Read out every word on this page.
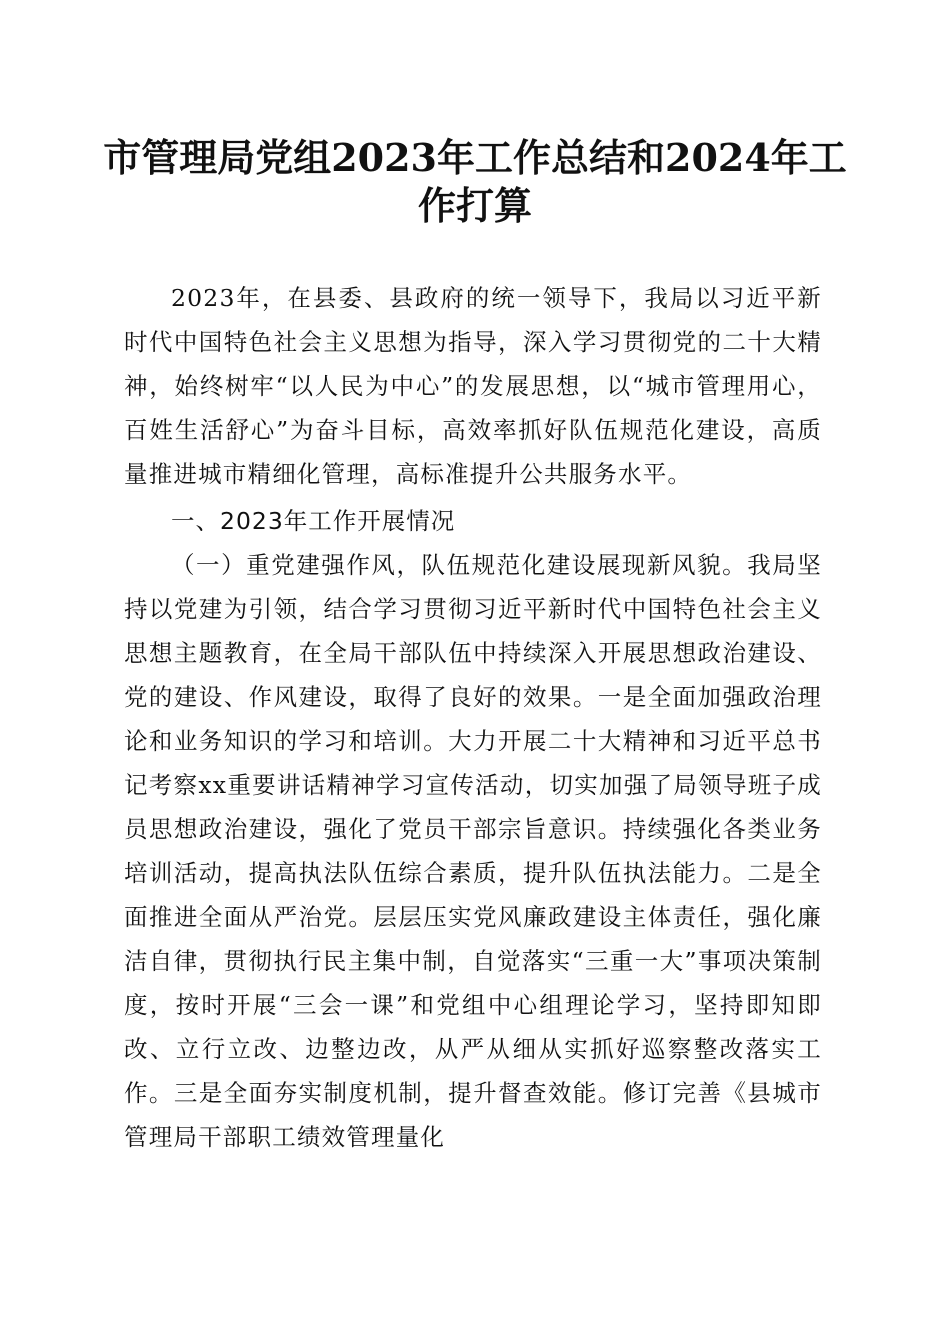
市管理局党组2023年工作总结和2024年工作打算

2023年，在县委、县政府的统一领导下，我局以习近平新时代中国特色社会主义思想为指导，深入学习贯彻党的二十大精神，始终树牢“以人民为中心”的发展思想，以“城市管理用心，百姓生活舒心”为奋斗目标，高效率抓好队伍规范化建设，高质量推进城市精细化管理，高标准提升公共服务水平。

一、2023年工作开展情况

（一）重党建强作风，队伍规范化建设展现新风貌。我局坚持以党建为引领，结合学习贯彻习近平新时代中国特色社会主义思想主题教育，在全局干部队伍中持续深入开展思想政治建设、党的建设、作风建设，取得了良好的效果。一是全面加强政治理论和业务知识的学习和培训。大力开展二十大精神和习近平总书记考察xx重要讲话精神学习宣传活动，切实加强了局领导班子成员思想政治建设，强化了党员干部宗旨意识。持续强化各类业务培训活动，提高执法队伍综合素质，提升队伍执法能力。二是全面推进全面从严治党。层层压实党风廉政建设主体责任，强化廉洁自律，贯彻执行民主集中制，自觉落实“三重一大”事项决策制度，按时开展“三会一课”和党组中心组理论学习，坚持即知即改、立行立改、边整边改，从严从细从实抓好巡察整改落实工作。三是全面夯实制度机制，提升督查效能。修订完善《县城市管理局干部职工绩效管理量化
